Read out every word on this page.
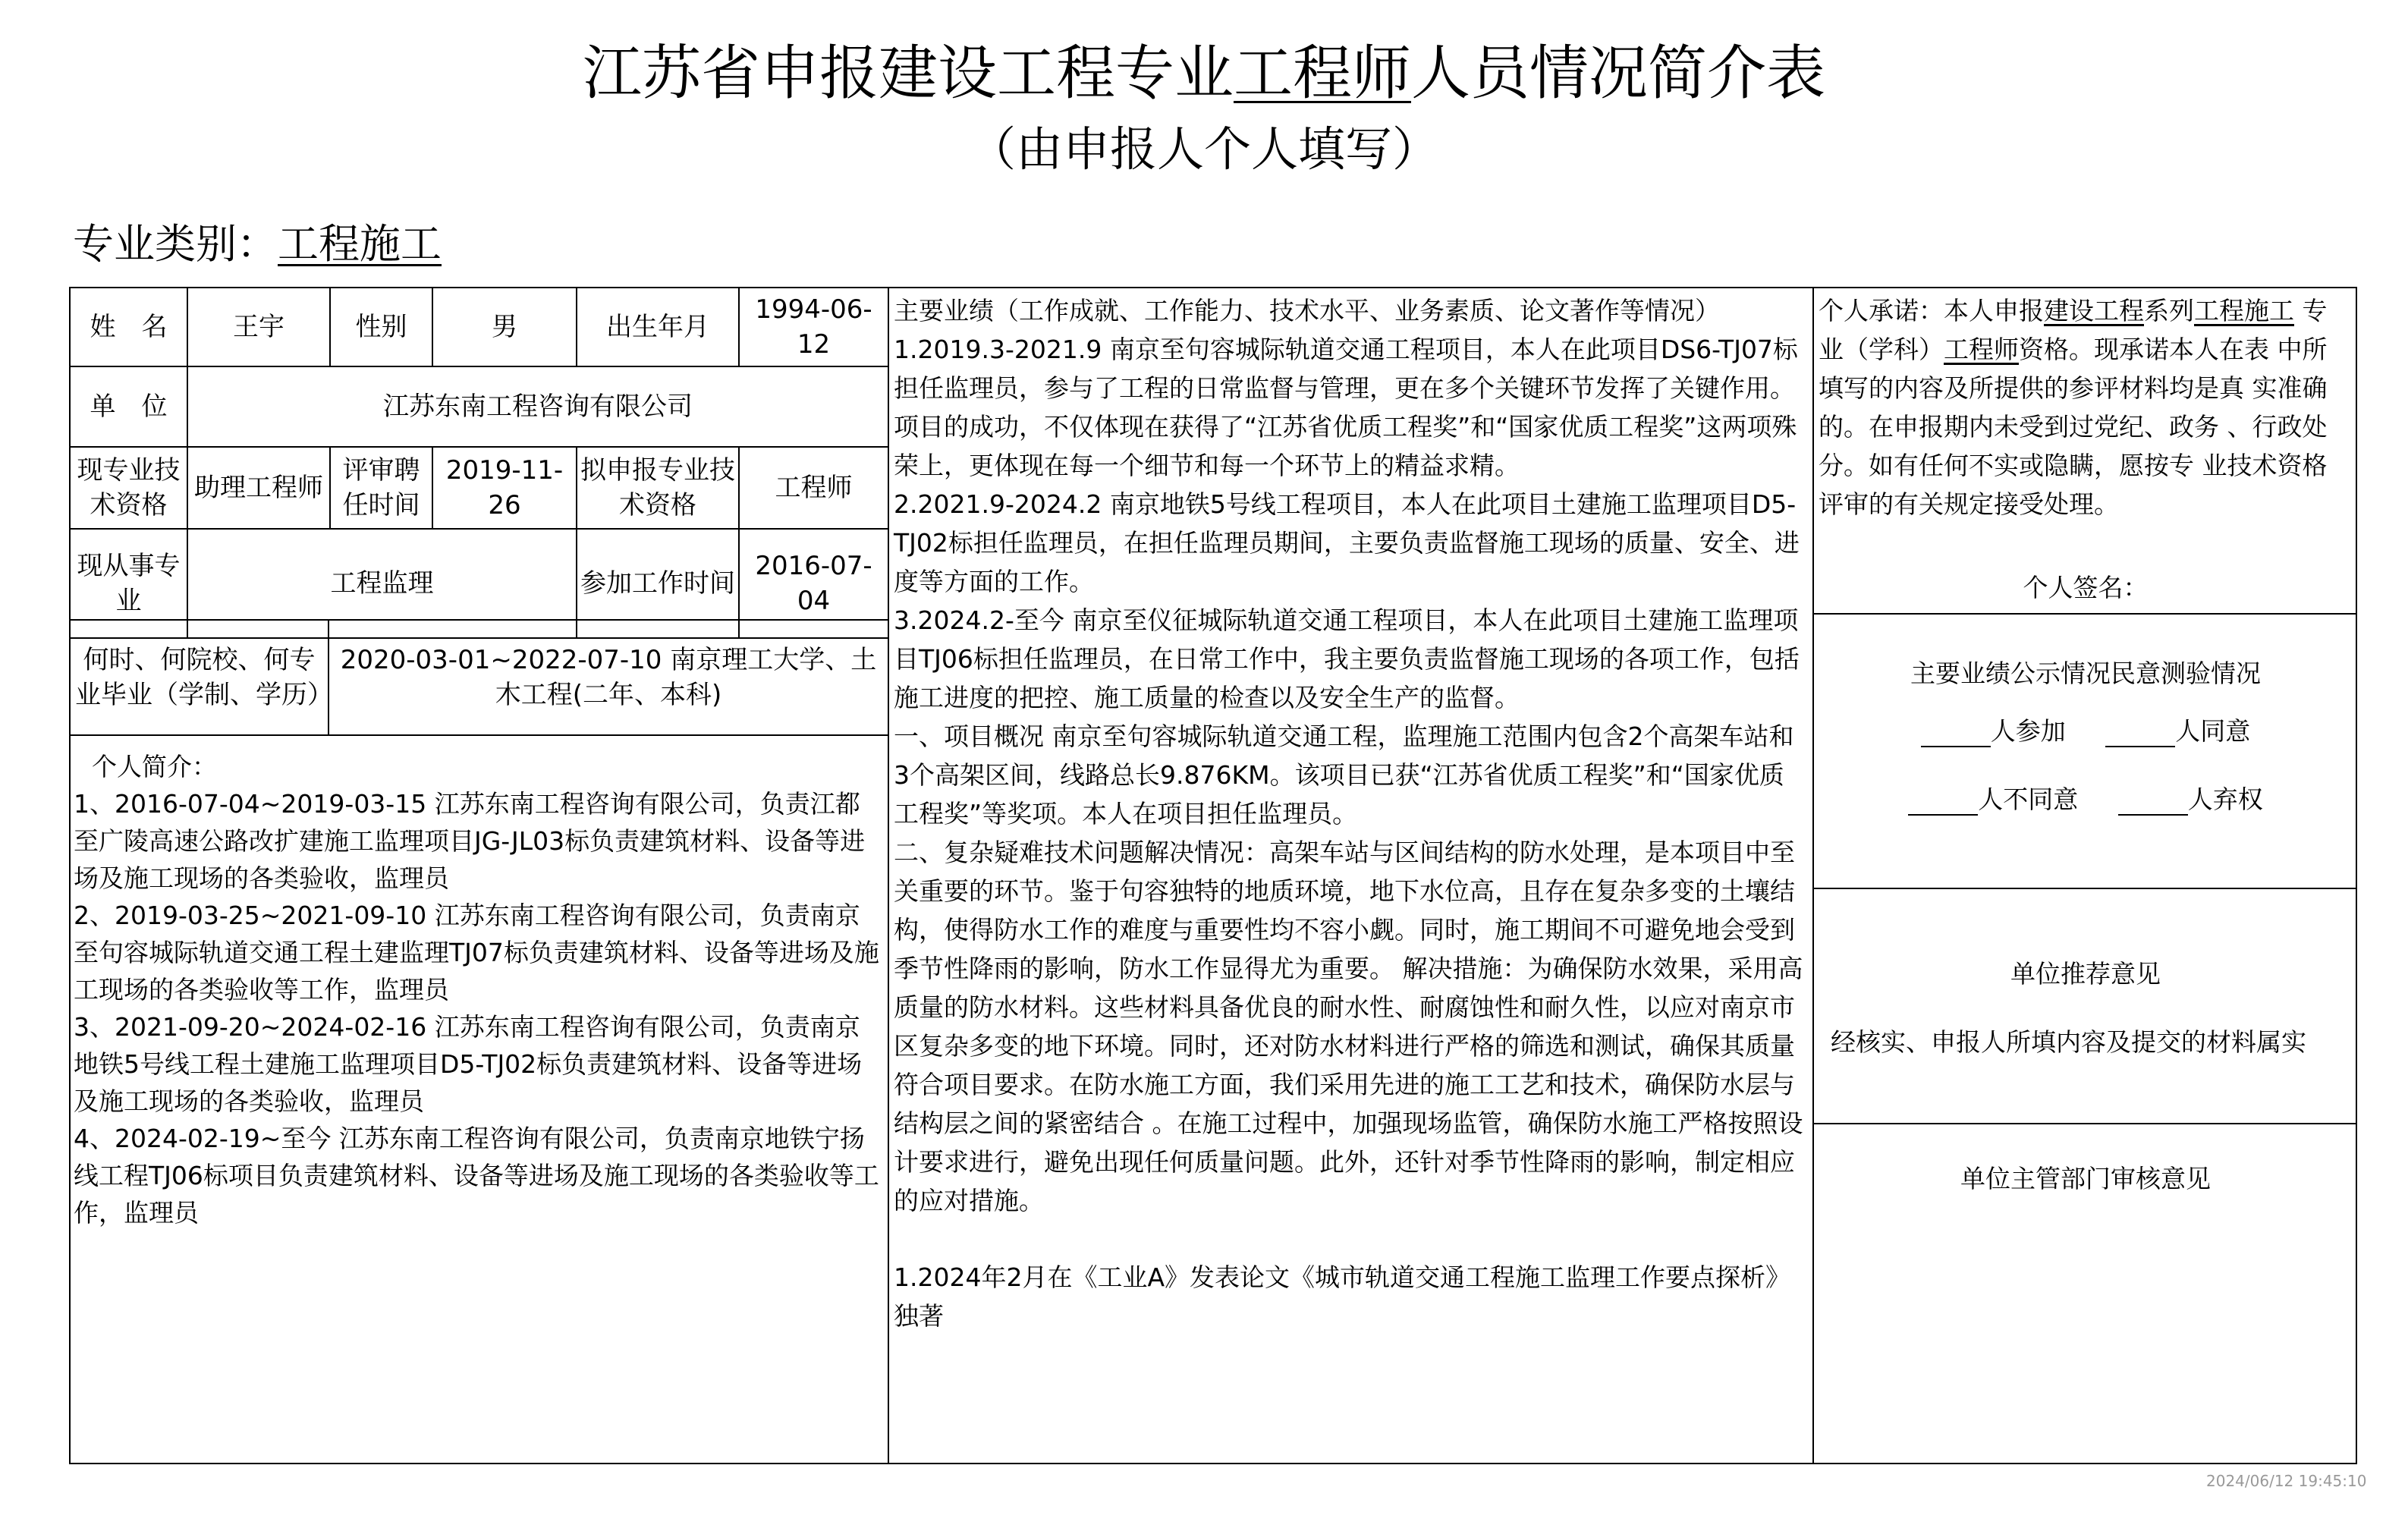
江苏省申报建设工程专业工程师人员情况简介表
（由申报人个人填写）
专业类别：工程施工
姓　名	王宇	性别	男	出生年月	1994-06-12
单　位	江苏东南工程咨询有限公司				
现专业技术资格	助理工程师	评审聘任时间	2019-11-26	拟申报专业技术资格	工程师
现从事专业	工程监理			参加工作时间	2016-07-04
何时、何院校、何专业毕业（学制、学历）	2020-03-01~2022-07-10 南京理工大学、土木工程(二年、本科)
个人简介：
1、2016-07-04~2019-03-15 江苏东南工程咨询有限公司，负责江都至广陵高速公路改扩建施工监理项目JG-JL03标负责建筑材料、设备等进场及施工现场的各类验收，监理员
2、2019-03-25~2021-09-10 江苏东南工程咨询有限公司，负责南京至句容城际轨道交通工程土建监理TJ07标负责建筑材料、设备等进场及施工现场的各类验收等工作，监理员
3、2021-09-20~2024-02-16 江苏东南工程咨询有限公司，负责南京地铁5号线工程土建施工监理项目D5-TJ02标负责建筑材料、设备等进场及施工现场的各类验收，监理员
4、2024-02-19~至今 江苏东南工程咨询有限公司，负责南京地铁宁扬线工程TJ06标项目负责建筑材料、设备等进场及施工现场的各类验收等工作，监理员

主要业绩（工作成就、工作能力、技术水平、业务素质、论文著作等情况）

1.2019.3-2021.9 南京至句容城际轨道交通工程项目，本人在此项目DS6-TJ07标担任监理员，参与了工程的日常监督与管理，更在多个关键环节发挥了关键作用。项目的成功，不仅体现在获得了“江苏省优质工程奖”和“国家优质工程奖”这两项殊荣上，更体现在每一个细节和每一个环节上的精益求精。

2.2021.9-2024.2 南京地铁5号线工程项目，本人在此项目土建施工监理项目D5-TJ02标担任监理员，在担任监理员期间，主要负责监督施工现场的质量、安全、进度等方面的工作。

3.2024.2-至今 南京至仪征城际轨道交通工程项目，本人在此项目土建施工监理项目TJ06标担任监理员，在日常工作中，我主要负责监督施工现场的各项工作，包括施工进度的把控、施工质量的检查以及安全生产的监督。

一、项目概况 南京至句容城际轨道交通工程，监理施工范围内包含2个高架车站和3个高架区间，线路总长9.876KM。该项目已获“江苏省优质工程奖”和“国家优质工程奖”等奖项。本人在项目担任监理员。

二、复杂疑难技术问题解决情况：高架车站与区间结构的防水处理，是本项目中至关重要的环节。鉴于句容独特的地质环境，地下水位高，且存在复杂多变的土壤结构，使得防水工作的难度与重要性均不容小觑。同时，施工期间不可避免地会受到季节性降雨的影响，防水工作显得尤为重要。 解决措施：为确保防水效果，采用高质量的防水材料。这些材料具备优良的耐水性、耐腐蚀性和耐久性，以应对南京市区复杂多变的地下环境。同时，还对防水材料进行严格的筛选和测试，确保其质量符合项目要求。在防水施工方面，我们采用先进的施工工艺和技术，确保防水层与结构层之间的紧密结合 。在施工过程中，加强现场监管，确保防水施工严格按照设计要求进行，避免出现任何质量问题。此外，还针对季节性降雨的影响，制定相应的应对措施。

1.2024年2月在《工业A》发表论文《城市轨道交通工程施工监理工作要点探析》独著

个人承诺：本人申报建设工程系列工程施工 专业（学科）工程师资格。现承诺本人在表 中所填写的内容及所提供的参评材料均是真 实准确的。在申报期内未受到过党纪、政务 、行政处分。如有任何不实或隐瞒，愿按专 业技术资格评审的有关规定接受处理。
个人签名：
主要业绩公示情况民意测验情况
人参加	人同意
人不同意	人弃权
单位推荐意见
经核实、申报人所填内容及提交的材料属实
单位主管部门审核意见
2024/06/12 19:45:10
